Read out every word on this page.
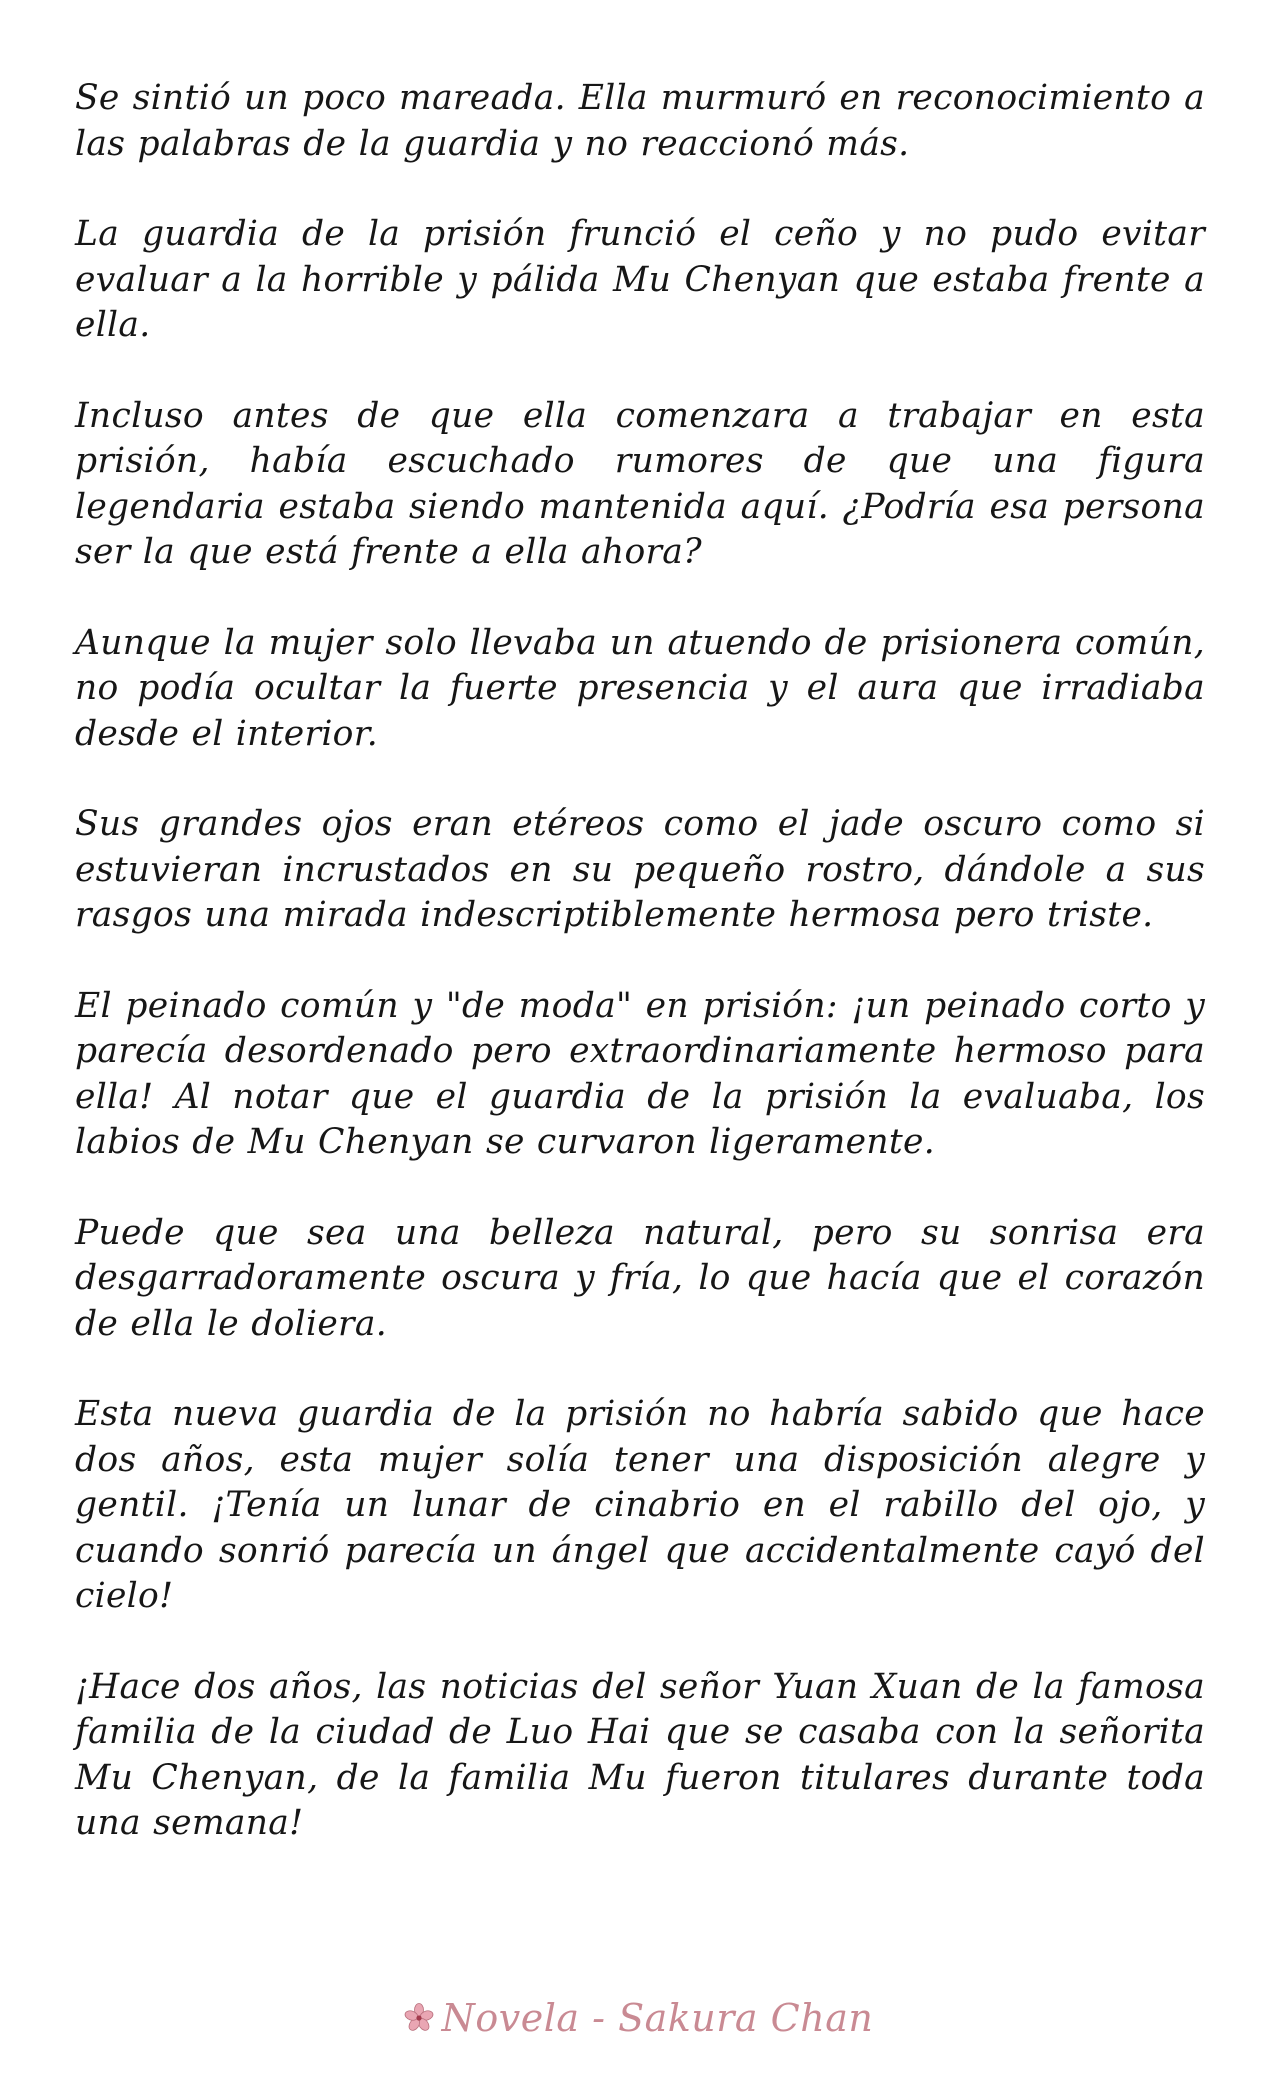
Se sintió un poco mareada. Ella murmuró en reconocimiento a las palabras de la guardia y no reaccionó más.

La guardia de la prisión frunció el ceño y no pudo evitar evaluar a la horrible y pálida Mu Chenyan que estaba frente a ella.

Incluso antes de que ella comenzara a trabajar en esta prisión, había escuchado rumores de que una figura legendaria estaba siendo mantenida aquí. ¿Podría esa persona ser la que está frente a ella ahora?

Aunque la mujer solo llevaba un atuendo de prisionera común, no podía ocultar la fuerte presencia y el aura que irradiaba desde el interior.

Sus grandes ojos eran etéreos como el jade oscuro como si estuvieran incrustados en su pequeño rostro, dándole a sus rasgos una mirada indescriptiblemente hermosa pero triste.

El peinado común y "de moda" en prisión: ¡un peinado corto y parecía desordenado pero extraordinariamente hermoso para ella! Al notar que el guardia de la prisión la evaluaba, los labios de Mu Chenyan se curvaron ligeramente.

Puede que sea una belleza natural, pero su sonrisa era desgarradoramente oscura y fría, lo que hacía que el corazón de ella le doliera.

Esta nueva guardia de la prisión no habría sabido que hace dos años, esta mujer solía tener una disposición alegre y gentil. ¡Tenía un lunar de cinabrio en el rabillo del ojo, y cuando sonrió parecía un ángel que accidentalmente cayó del cielo!

¡Hace dos años, las noticias del señor Yuan Xuan de la famosa familia de la ciudad de Luo Hai que se casaba con la señorita Mu Chenyan, de la familia Mu fueron titulares durante toda una semana!

Novela - Sakura Chan
